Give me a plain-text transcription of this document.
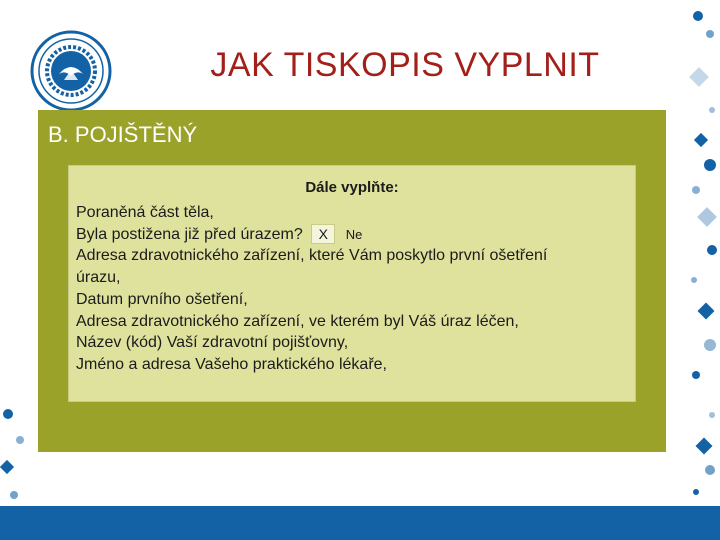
JAK TISKOPIS VYPLNIT
B. POJIŠTĚNÝ
Dále vyplňte:
Poraněná část těla,
Byla postižena již před úrazem? X Ne
Adresa zdravotnického zařízení, které Vám poskytlo první ošetření
úrazu,
Datum prvního ošetření,
Adresa zdravotnického zařízení, ve kterém byl Váš úraz léčen,
Název (kód) Vaší zdravotní pojišťovny,
Jméno a adresa Vašeho praktického lékaře,
